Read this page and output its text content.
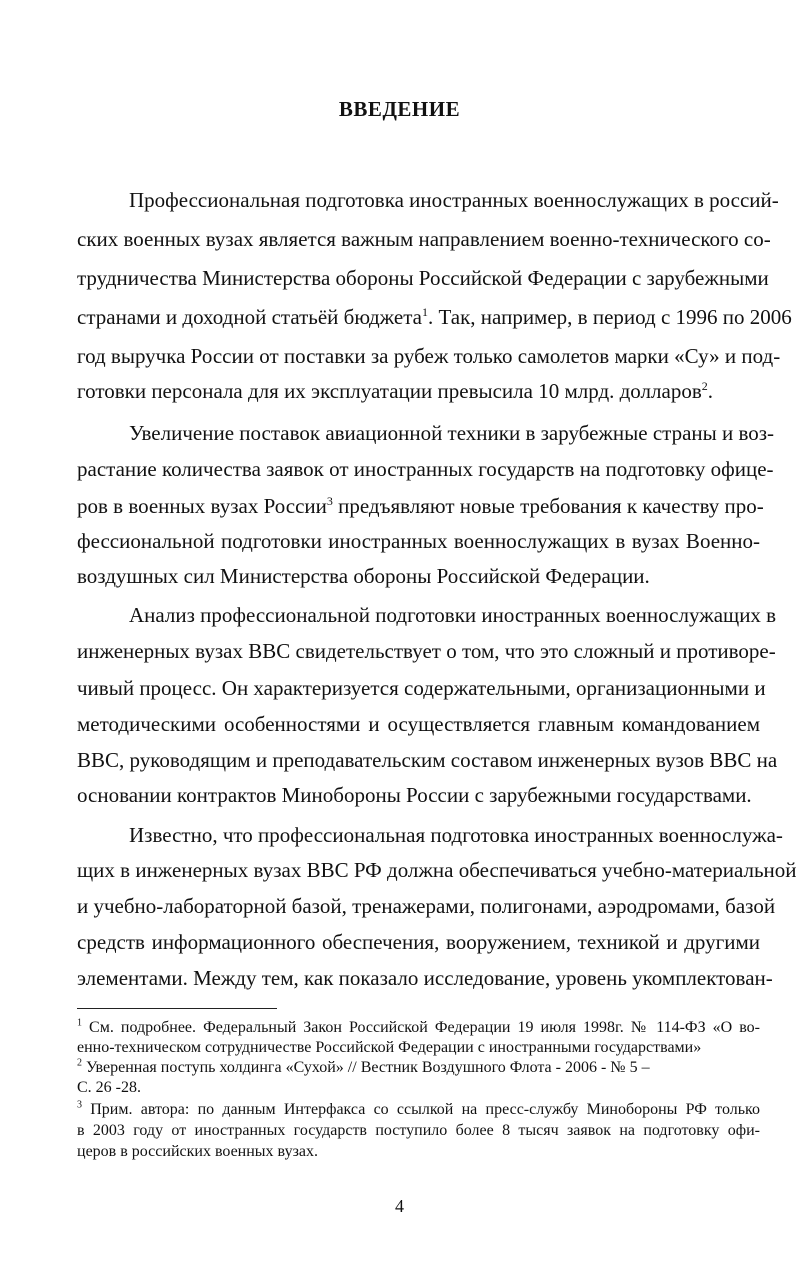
ВВЕДЕНИЕ
Профессиональная подготовка иностранных военнослужащих в россий-
ских военных вузах является важным направлением военно-технического со-
трудничества Министерства обороны Российской Федерации с зарубежными
странами и доходной статьёй бюджета$^1$. Так, например, в период с 1996 по 2006
год выручка России от поставки за рубеж только самолетов марки «Су» и под-
готовки персонала для их эксплуатации превысила 10 млрд. долларов$^2$.
Увеличение поставок авиационной техники в зарубежные страны и воз-
растание количества заявок от иностранных государств на подготовку офице-
ров в военных вузах России$^3$ предъявляют новые требования к качеству про-
фессиональной подготовки иностранных военнослужащих в вузах Военно-
воздушных сил Министерства обороны Российской Федерации.
Анализ профессиональной подготовки иностранных военнослужащих в
инженерных вузах ВВС свидетельствует о том, что это сложный и противоре-
чивый процесс. Он характеризуется содержательными, организационными и
методическими особенностями и осуществляется главным командованием
ВВС, руководящим и преподавательским составом инженерных вузов ВВС на
основании контрактов Минобороны России с зарубежными государствами.
Известно, что профессиональная подготовка иностранных военнослужа-
щих в инженерных вузах ВВС РФ должна обеспечиваться учебно-материальной
и учебно-лабораторной базой, тренажерами, полигонами, аэродромами, базой
средств информационного обеспечения, вооружением, техникой и другими
элементами. Между тем, как показало исследование, уровень укомплектован-
$^1$ См. подробнее. Федеральный Закон Российской Федерации 19 июля 1998г. № 114-ФЗ «О во-
енно-техническом сотрудничестве Российской Федерации с иностранными государствами»
$^2$ Уверенная поступь холдинга «Сухой» // Вестник Воздушного Флота - 2006 - № 5 –
С. 26 -28.
$^3$ Прим. автора: по данным Интерфакса со ссылкой на пресс-службу Минобороны РФ только
в 2003 году от иностранных государств поступило более 8 тысяч заявок на подготовку офи-
церов в российских военных вузах.
4
